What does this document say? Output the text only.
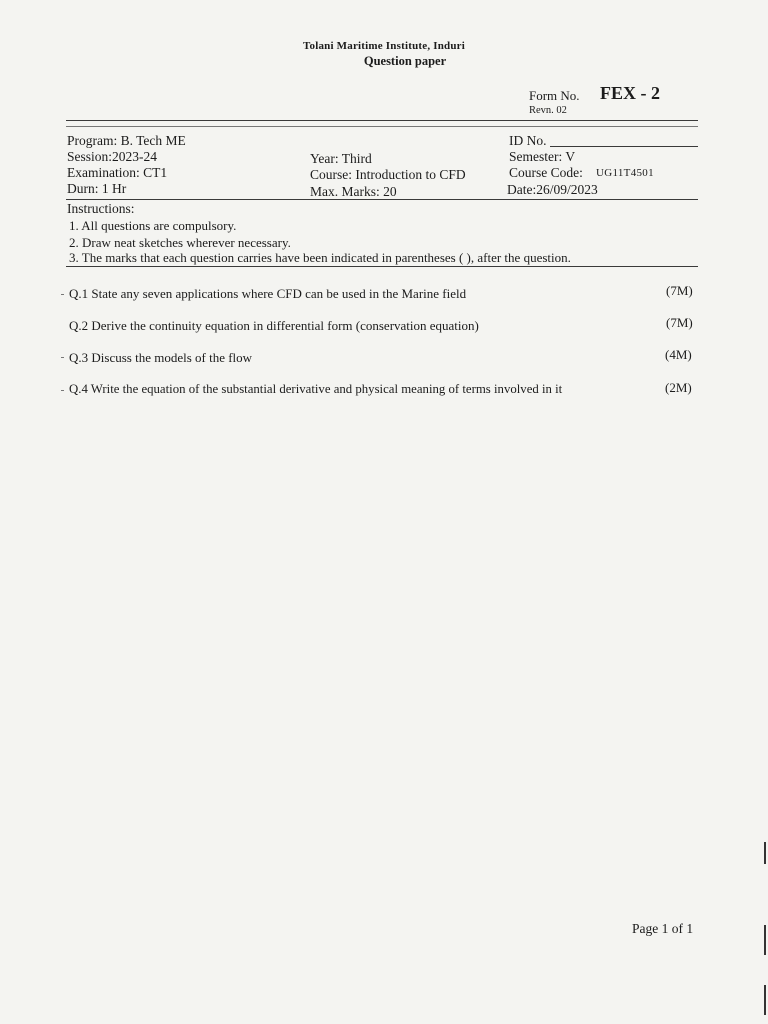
Tolani Maritime Institute, Induri
Question paper
Form No. FEX - 2
Revn. 02
Program: B. Tech ME
Session:2023-24
Examination: CT1
Durn: 1 Hr
Year: Third
Course: Introduction to CFD
Max. Marks: 20
ID No.
Semester: V
Course Code: UG11T4501
Date:26/09/2023
Instructions:
1. All questions are compulsory.
2. Draw neat sketches wherever necessary.
3. The marks that each question carries have been indicated in parentheses ( ), after the question.
Q.1 State any seven applications where CFD can be used in the Marine field	(7M)
Q.2 Derive the continuity equation in differential form (conservation equation)	(7M)
Q.3 Discuss the models of the flow	(4M)
Q.4 Write the equation of the substantial derivative and physical meaning of terms involved in it	(2M)
Page 1 of 1
